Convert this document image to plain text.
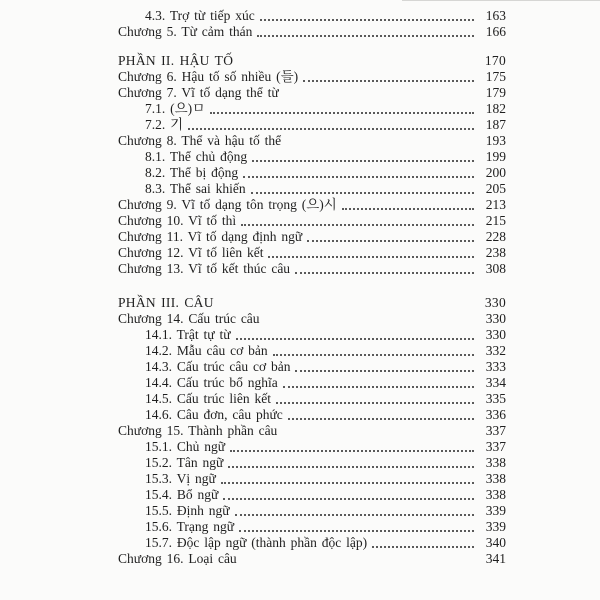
4.3. Trợ từ tiếp xúc	163
Chương 5. Từ cảm thán	166
PHẦN II. HẬU TỐ	170
Chương 6. Hậu tố số nhiều (들)	175
Chương 7. Vĩ tố dạng thể từ	179
7.1. (으)ㅁ	182
7.2. 기	187
Chương 8. Thể và hậu tố thể	193
8.1. Thể chủ động	199
8.2. Thể bị động	200
8.3. Thể sai khiến	205
Chương 9. Vĩ tố dạng tôn trọng (으)시	213
Chương 10. Vĩ tố thì	215
Chương 11. Vĩ tố dạng định ngữ	228
Chương 12. Vĩ tố liên kết	238
Chương 13. Vĩ tố kết thúc câu	308
PHẦN III. CÂU	330
Chương 14. Cấu trúc câu	330
14.1. Trật tự từ	330
14.2. Mẫu câu cơ bản	332
14.3. Cấu trúc câu cơ bản	333
14.4. Cấu trúc bổ nghĩa	334
14.5. Cấu trúc liên kết	335
14.6. Câu đơn, câu phức	336
Chương 15. Thành phần câu	337
15.1. Chủ ngữ	337
15.2. Tân ngữ	338
15.3. Vị ngữ	338
15.4. Bổ ngữ	338
15.5. Định ngữ	339
15.6. Trạng ngữ	339
15.7. Độc lập ngữ (thành phần độc lập)	340
Chương 16. Loại câu	341
